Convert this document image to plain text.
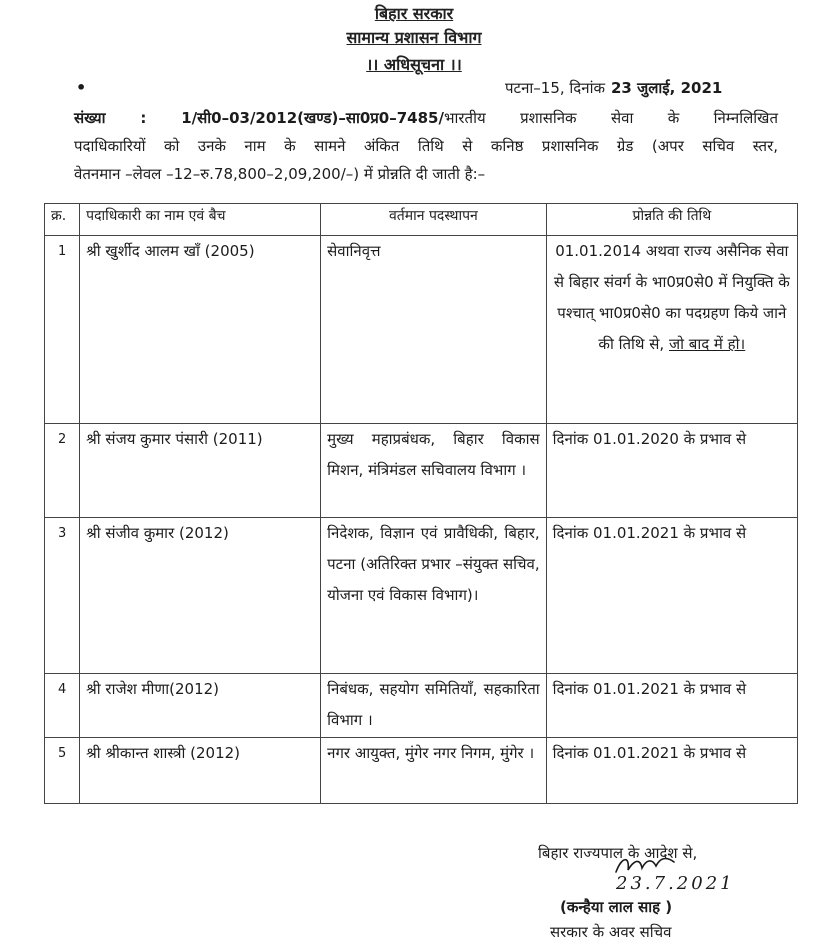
बिहार सरकार
सामान्य प्रशासन विभाग
।। अधिसूचना ।।
•	पटना–15, दिनांक 23 जुलाई, 2021
संख्या : 1/सी0–03/2012(खण्ड)–सा0प्र0–7485/भारतीय प्रशासनिक सेवा के निम्नलिखित
पदाधिकारियों को उनके नाम के सामने अंकित तिथि से कनिष्ठ प्रशासनिक ग्रेड (अपर सचिव स्तर,
वेतनमान –लेवल –12–रु.78,800–2,09,200/–) में प्रोन्नति दी जाती है:–
क्र.	पदाधिकारी का नाम एवं बैच	वर्तमान पदस्थापन	प्रोन्नति की तिथि
1	श्री खुर्शीद आलम खाँ (2005)	सेवानिवृत्त	01.01.2014 अथवा राज्य असैनिक सेवा से बिहार संवर्ग के भा0प्र0से0 में नियुक्ति के पश्चात् भा0प्र0से0 का पदग्रहण किये जाने की तिथि से, जो बाद में हो।
2	श्री संजय कुमार पंसारी (2011)	मुख्य महाप्रबंधक, बिहार विकास मिशन, मंत्रिमंडल सचिवालय विभाग ।	दिनांक 01.01.2020 के प्रभाव से
3	श्री संजीव कुमार (2012)	निदेशक, विज्ञान एवं प्रावैधिकी, बिहार, पटना (अतिरिक्त प्रभार –संयुक्त सचिव, योजना एवं विकास विभाग)।	दिनांक 01.01.2021 के प्रभाव से
4	श्री राजेश मीणा(2012)	निबंधक, सहयोग समितियाँ, सहकारिता विभाग ।	दिनांक 01.01.2021 के प्रभाव से
5	श्री श्रीकान्त शास्त्री (2012)	नगर आयुक्त, मुंगेर नगर निगम, मुंगेर ।	दिनांक 01.01.2021 के प्रभाव से
बिहार राज्यपाल के आदेश से,
23.7.2021
(कन्हैया लाल साह )
सरकार के अवर सचिव
